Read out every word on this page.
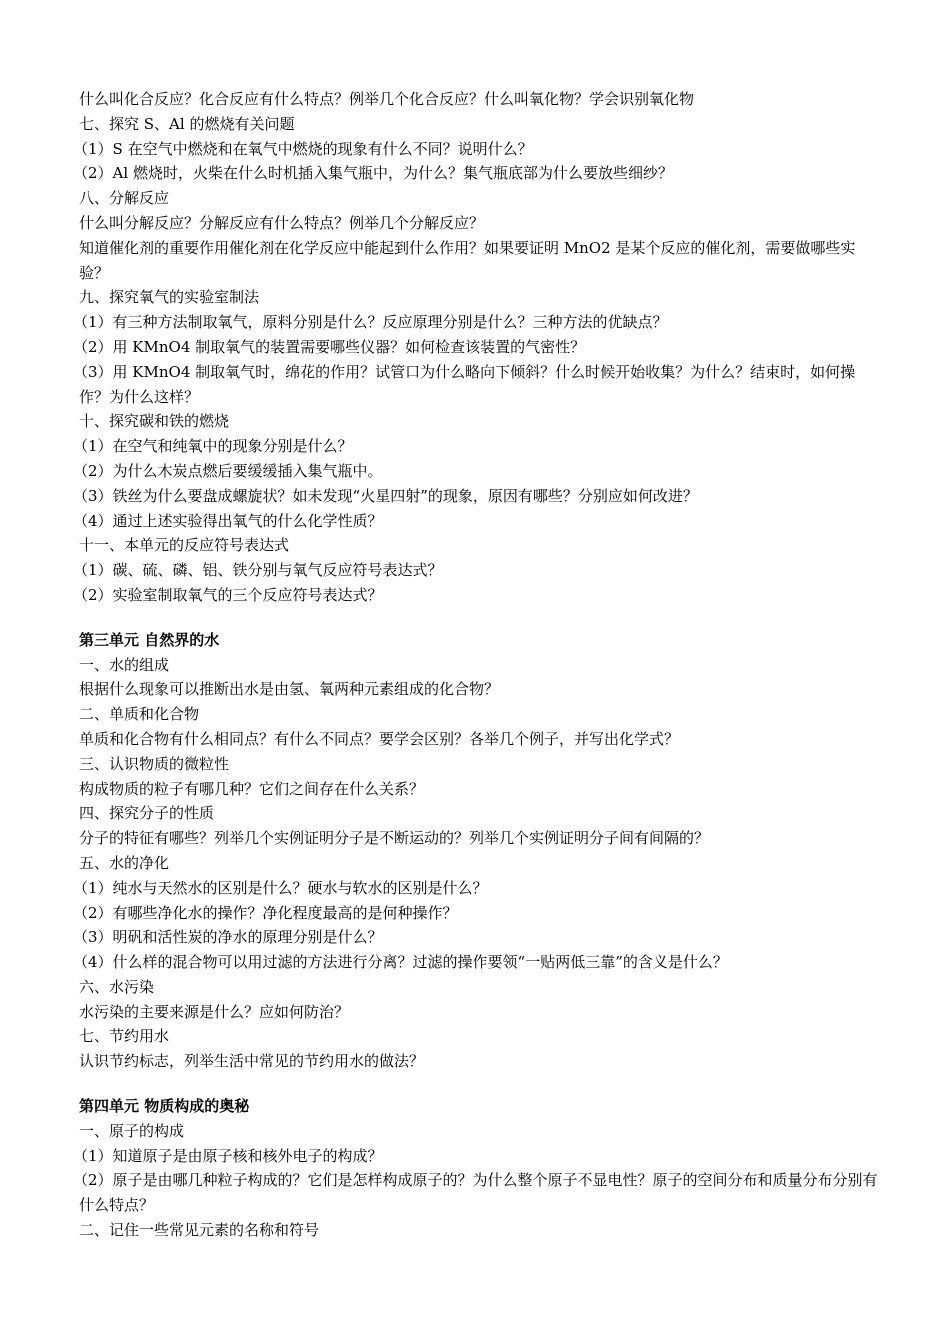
什么叫化合反应？化合反应有什么特点？例举几个化合反应？什么叫氧化物？学会识别氧化物

七、探究 S、Al 的燃烧有关问题

（1）S 在空气中燃烧和在氧气中燃烧的现象有什么不同？说明什么？

（2）Al 燃烧时，火柴在什么时机插入集气瓶中，为什么？集气瓶底部为什么要放些细纱？

八、分解反应

什么叫分解反应？分解反应有什么特点？例举几个分解反应？

知道催化剂的重要作用催化剂在化学反应中能起到什么作用？如果要证明 MnO2 是某个反应的催化剂，需要做哪些实验？

九、探究氧气的实验室制法

（1）有三种方法制取氧气，原料分别是什么？反应原理分别是什么？三种方法的优缺点？

（2）用 KMnO4 制取氧气的装置需要哪些仪器？如何检查该装置的气密性？

（3）用 KMnO4 制取氧气时，绵花的作用？试管口为什么略向下倾斜？什么时候开始收集？为什么？结束时，如何操作？为什么这样？

十、探究碳和铁的燃烧

（1）在空气和纯氧中的现象分别是什么？

（2）为什么木炭点燃后要缓缓插入集气瓶中。

（3）铁丝为什么要盘成螺旋状？如未发现“火星四射”的现象，原因有哪些？分别应如何改进？

（4）通过上述实验得出氧气的什么化学性质？

十一、本单元的反应符号表达式

（1）碳、硫、磷、铝、铁分别与氧气反应符号表达式？

（2）实验室制取氧气的三个反应符号表达式？

第三单元 自然界的水

一、水的组成

根据什么现象可以推断出水是由氢、氧两种元素组成的化合物？

二、单质和化合物

单质和化合物有什么相同点？有什么不同点？要学会区别？各举几个例子，并写出化学式？

三、认识物质的微粒性

构成物质的粒子有哪几种？它们之间存在什么关系？

四、探究分子的性质

分子的特征有哪些？列举几个实例证明分子是不断运动的？列举几个实例证明分子间有间隔的？

五、水的净化

（1）纯水与天然水的区别是什么？硬水与软水的区别是什么？

（2）有哪些净化水的操作？净化程度最高的是何种操作？

（3）明矾和活性炭的净水的原理分别是什么？

（4）什么样的混合物可以用过滤的方法进行分离？过滤的操作要领“一贴两低三靠”的含义是什么？

六、水污染

水污染的主要来源是什么？应如何防治？

七、节约用水

认识节约标志，列举生活中常见的节约用水的做法？

第四单元 物质构成的奥秘

一、原子的构成

（1）知道原子是由原子核和核外电子的构成？

（2）原子是由哪几种粒子构成的？它们是怎样构成原子的？为什么整个原子不显电性？原子的空间分布和质量分布分别有什么特点？

二、记住一些常见元素的名称和符号
